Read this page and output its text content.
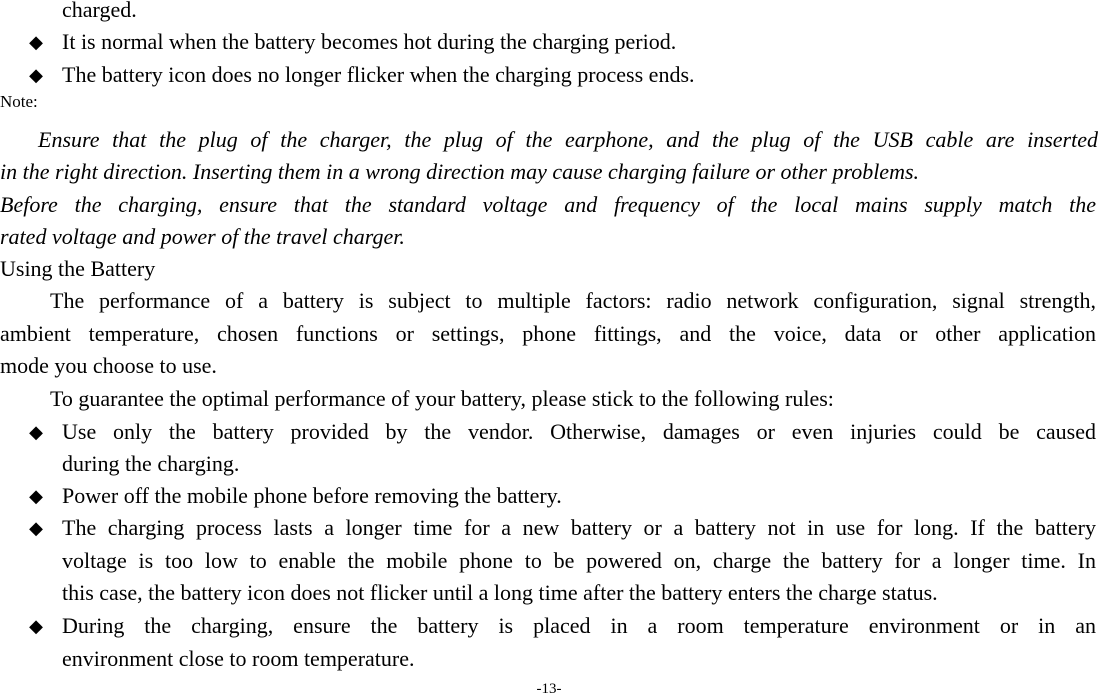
charged.
◆ It is normal when the battery becomes hot during the charging period.
◆ The battery icon does no longer flicker when the charging process ends.
Note:
Ensure that the plug of the charger, the plug of the earphone, and the plug of the USB cable are inserted
in the right direction. Inserting them in a wrong direction may cause charging failure or other problems.
Before the charging, ensure that the standard voltage and frequency of the local mains supply match the
rated voltage and power of the travel charger.
Using the Battery
The performance of a battery is subject to multiple factors: radio network configuration, signal strength,
ambient temperature, chosen functions or settings, phone fittings, and the voice, data or other application
mode you choose to use.
To guarantee the optimal performance of your battery, please stick to the following rules:
◆ Use only the battery provided by the vendor. Otherwise, damages or even injuries could be caused
during the charging.
◆ Power off the mobile phone before removing the battery.
◆ The charging process lasts a longer time for a new battery or a battery not in use for long. If the battery
voltage is too low to enable the mobile phone to be powered on, charge the battery for a longer time. In
this case, the battery icon does not flicker until a long time after the battery enters the charge status.
◆ During the charging, ensure the battery is placed in a room temperature environment or in an
environment close to room temperature.
-13-
